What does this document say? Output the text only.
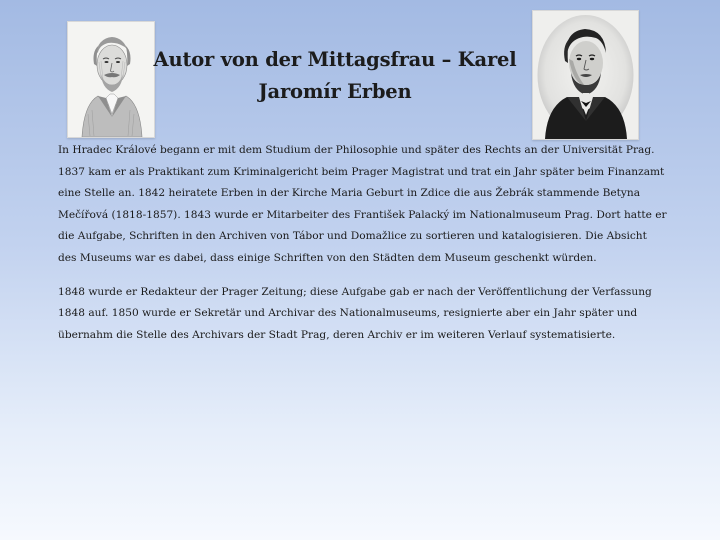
Autor von der Mittagsfrau – Karel
Jaromír Erben

In Hradec Králové begann er mit dem Studium der Philosophie und später des Rechts an der Universität Prag.
1837 kam er als Praktikant zum Kriminalgericht beim Prager Magistrat und trat ein Jahr später beim Finanzamt
eine Stelle an. 1842 heiratete Erben in der Kirche Maria Geburt in Zdice die aus Žebrák stammende Betyna
Mečířová (1818-1857). 1843 wurde er Mitarbeiter des František Palacký im Nationalmuseum Prag. Dort hatte er
die Aufgabe, Schriften in den Archiven von Tábor und Domažlice zu sortieren und katalogisieren. Die Absicht
des Museums war es dabei, dass einige Schriften von den Städten dem Museum geschenkt würden.

1848 wurde er Redakteur der Prager Zeitung; diese Aufgabe gab er nach der Veröffentlichung der Verfassung
1848 auf. 1850 wurde er Sekretär und Archivar des Nationalmuseums, resignierte aber ein Jahr später und
übernahm die Stelle des Archivars der Stadt Prag, deren Archiv er im weiteren Verlauf systematisierte.
